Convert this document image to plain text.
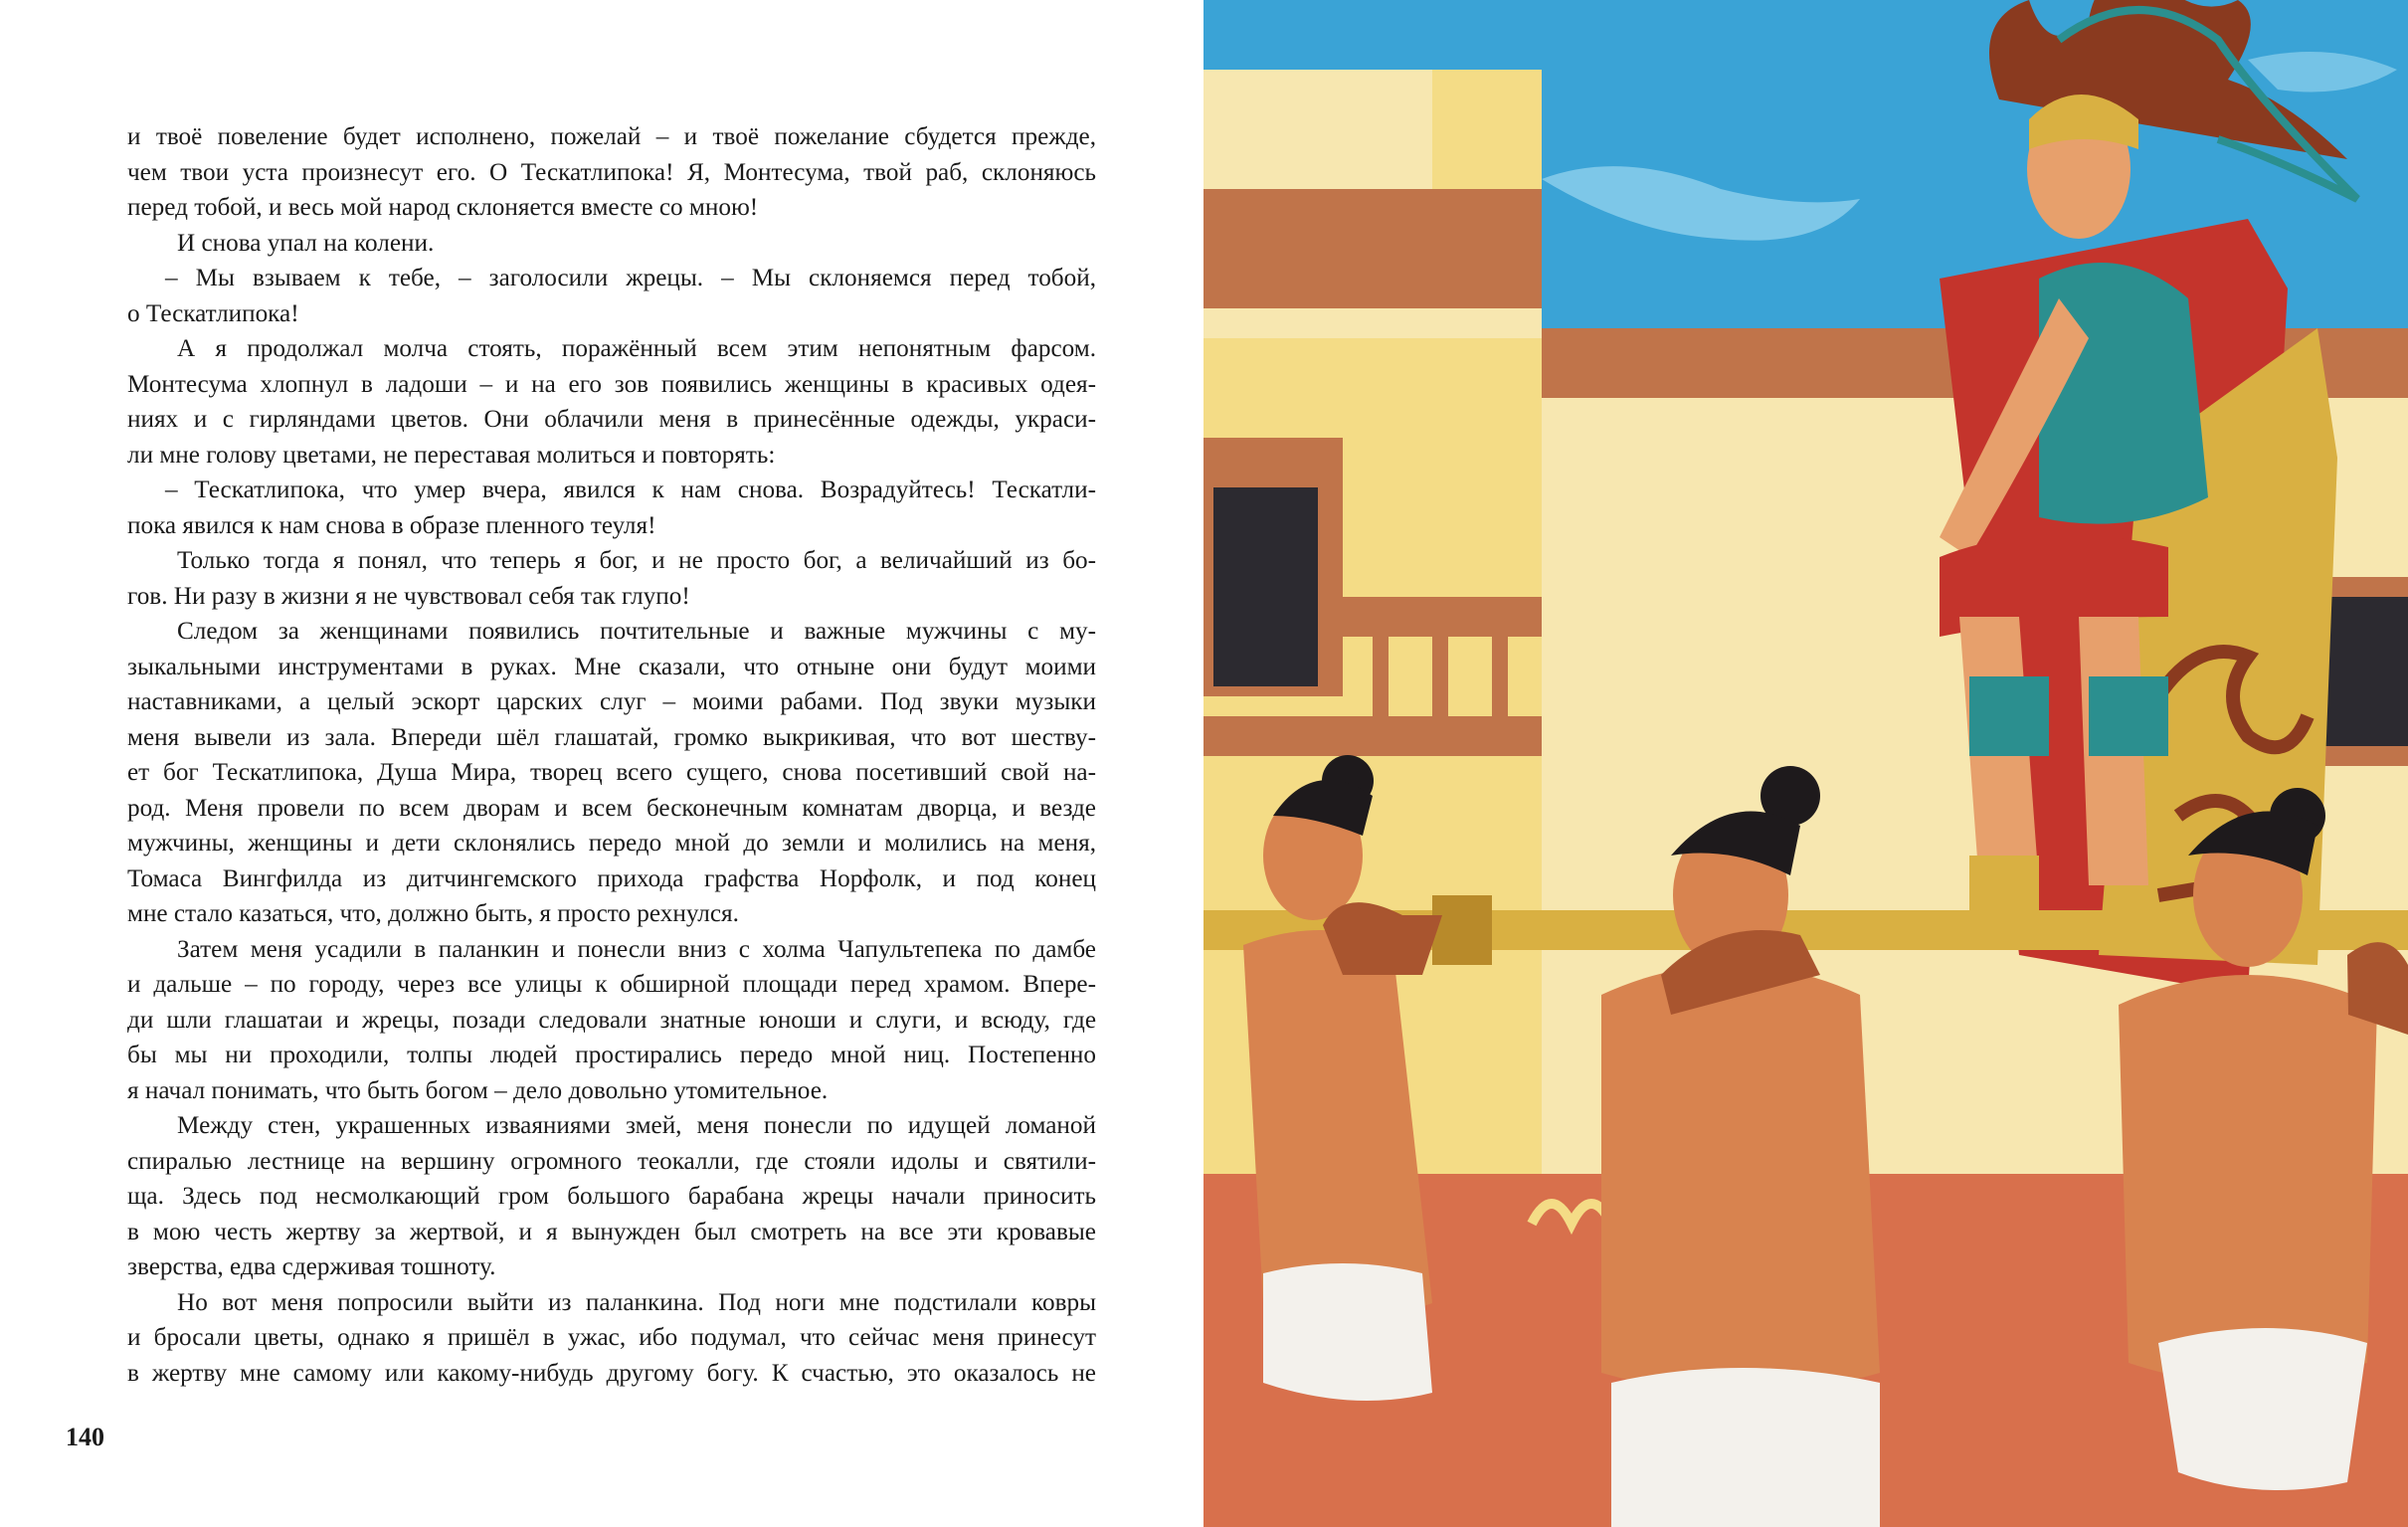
и твоё повеление будет исполнено, пожелай – и твоё пожелание сбудется прежде,
чем твои уста произнесут его. О Тескатлипока! Я, Монтесума, твой раб, склоняюсь
перед тобой, и весь мой народ склоняется вместе со мною!
И снова упал на колени.
– Мы взываем к тебе, – заголосили жрецы. – Мы склоняемся перед тобой,
о Тескатлипока!
А я продолжал молча стоять, поражённый всем этим непонятным фарсом.
Монтесума хлопнул в ладоши – и на его зов появились женщины в красивых одея-
ниях и с гирляндами цветов. Они облачили меня в принесённые одежды, украси-
ли мне голову цветами, не переставая молиться и повторять:
– Тескатлипока, что умер вчера, явился к нам снова. Возрадуйтесь! Тескатли-
пока явился к нам снова в образе пленного теуля!
Только тогда я понял, что теперь я бог, и не просто бог, а величайший из бо-
гов. Ни разу в жизни я не чувствовал себя так глупо!
Следом за женщинами появились почтительные и важные мужчины с му-
зыкальными инструментами в руках. Мне сказали, что отныне они будут моими
наставниками, а целый эскорт царских слуг – моими рабами. Под звуки музыки
меня вывели из зала. Впереди шёл глашатай, громко выкрикивая, что вот шеству-
ет бог Тескатлипока, Душа Мира, творец всего сущего, снова посетивший свой на-
род. Меня провели по всем дворам и всем бесконечным комнатам дворца, и везде
мужчины, женщины и дети склонялись передо мной до земли и молились на меня,
Томаса Вингфилда из дитчингемского прихода графства Норфолк, и под конец
мне стало казаться, что, должно быть, я просто рехнулся.
Затем меня усадили в паланкин и понесли вниз с холма Чапультепека по дамбе
и дальше – по городу, через все улицы к обширной площади перед храмом. Впере-
ди шли глашатаи и жрецы, позади следовали знатные юноши и слуги, и всюду, где
бы мы ни проходили, толпы людей простирались передо мной ниц. Постепенно
я начал понимать, что быть богом – дело довольно утомительное.
Между стен, украшенных изваяниями змей, меня понесли по идущей ломаной
спиралью лестнице на вершину огромного теокалли, где стояли идолы и святили-
ща. Здесь под несмолкающий гром большого барабана жрецы начали приносить
в мою честь жертву за жертвой, и я вынужден был смотреть на все эти кровавые
зверства, едва сдерживая тошноту.
Но вот меня попросили выйти из паланкина. Под ноги мне подстилали ковры
и бросали цветы, однако я пришёл в ужас, ибо подумал, что сейчас меня принесут
в жертву мне самому или какому-нибудь другому богу. К счастью, это оказалось не
140
